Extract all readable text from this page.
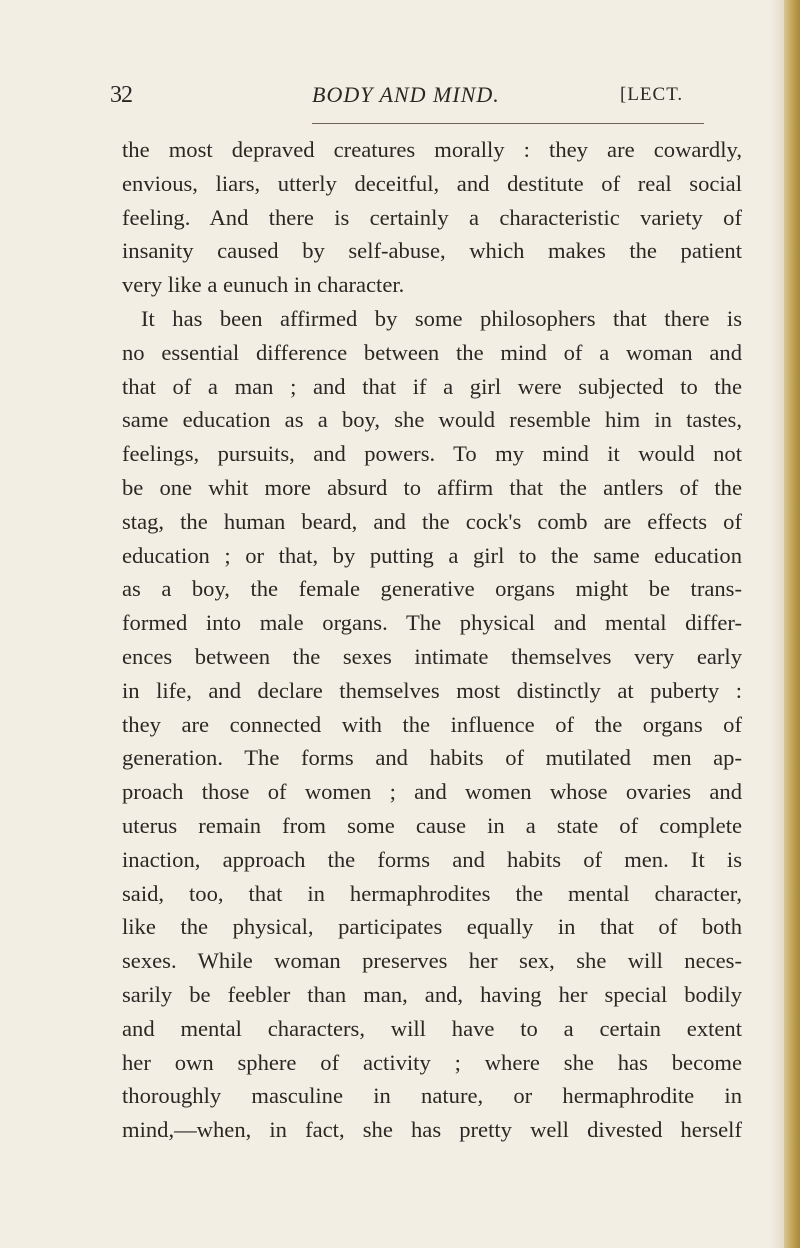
32	BODY AND MIND.	[LECT.
the most depraved creatures morally : they are cowardly,
envious, liars, utterly deceitful, and destitute of real social
feeling. And there is certainly a characteristic variety of
insanity caused by self-abuse, which makes the patient
very like a eunuch in character.
It has been affirmed by some philosophers that there is
no essential difference between the mind of a woman and
that of a man ; and that if a girl were subjected to the
same education as a boy, she would resemble him in tastes,
feelings, pursuits, and powers. To my mind it would not
be one whit more absurd to affirm that the antlers of the
stag, the human beard, and the cock's comb are effects of
education ; or that, by putting a girl to the same education
as a boy, the female generative organs might be trans-
formed into male organs. The physical and mental differ-
ences between the sexes intimate themselves very early
in life, and declare themselves most distinctly at puberty :
they are connected with the influence of the organs of
generation. The forms and habits of mutilated men ap-
proach those of women ; and women whose ovaries and
uterus remain from some cause in a state of complete
inaction, approach the forms and habits of men. It is
said, too, that in hermaphrodites the mental character,
like the physical, participates equally in that of both
sexes. While woman preserves her sex, she will neces-
sarily be feebler than man, and, having her special bodily
and mental characters, will have to a certain extent
her own sphere of activity ; where she has become
thoroughly masculine in nature, or hermaphrodite in
mind,—when, in fact, she has pretty well divested herself
